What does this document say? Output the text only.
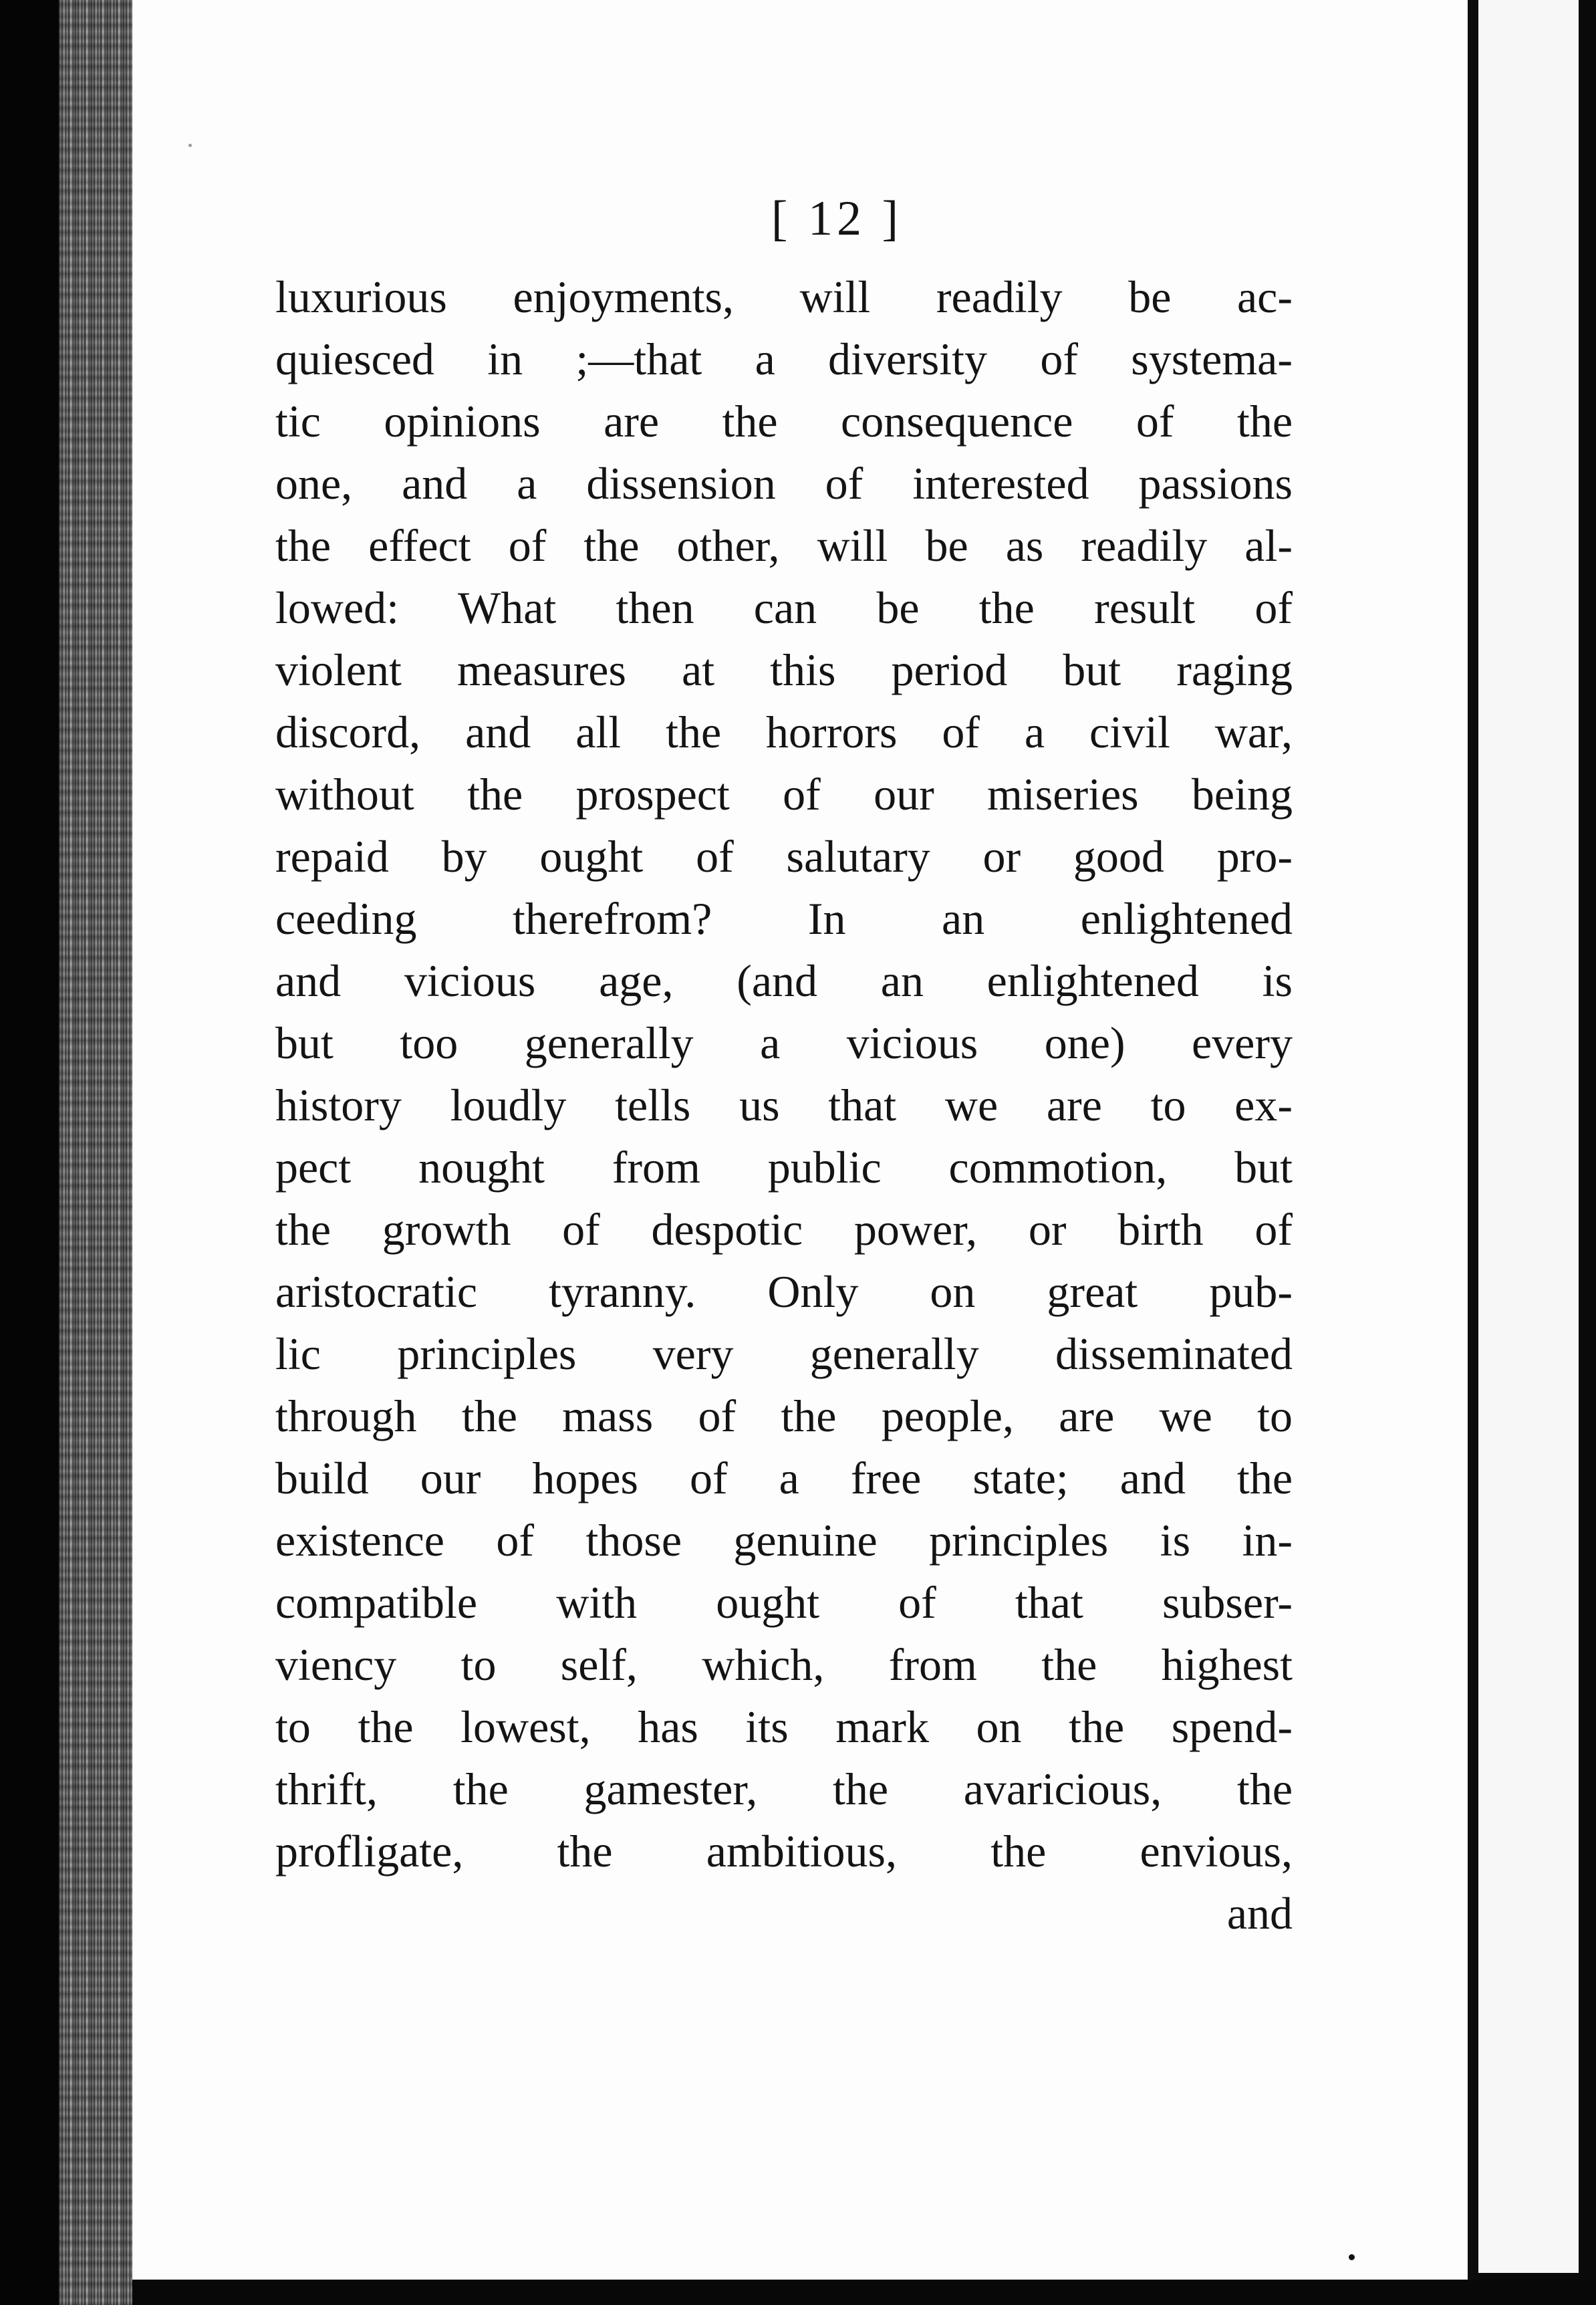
[ 12 ]
luxurious enjoyments, will readily be ac-
quiesced in ;—that a diversity of systema-
tic opinions are the consequence of the
one, and a dissension of interested passions
the effect of the other, will be as readily al-
lowed: What then can be the result of
violent measures at this period but raging
discord, and all the horrors of a civil war,
without the prospect of our miseries being
repaid by ought of salutary or good pro-
ceeding therefrom? In an enlightened
and vicious age, (and an enlightened is
but too generally a vicious one) every
history loudly tells us that we are to ex-
pect nought from public commotion, but
the growth of despotic power, or birth of
aristocratic tyranny. Only on great pub-
lic principles very generally disseminated
through the mass of the people, are we to
build our hopes of a free state; and the
existence of those genuine principles is in-
compatible with ought of that subser-
viency to self, which, from the highest
to the lowest, has its mark on the spend-
thrift, the gamester, the avaricious, the
profligate, the ambitious, the envious,
and
